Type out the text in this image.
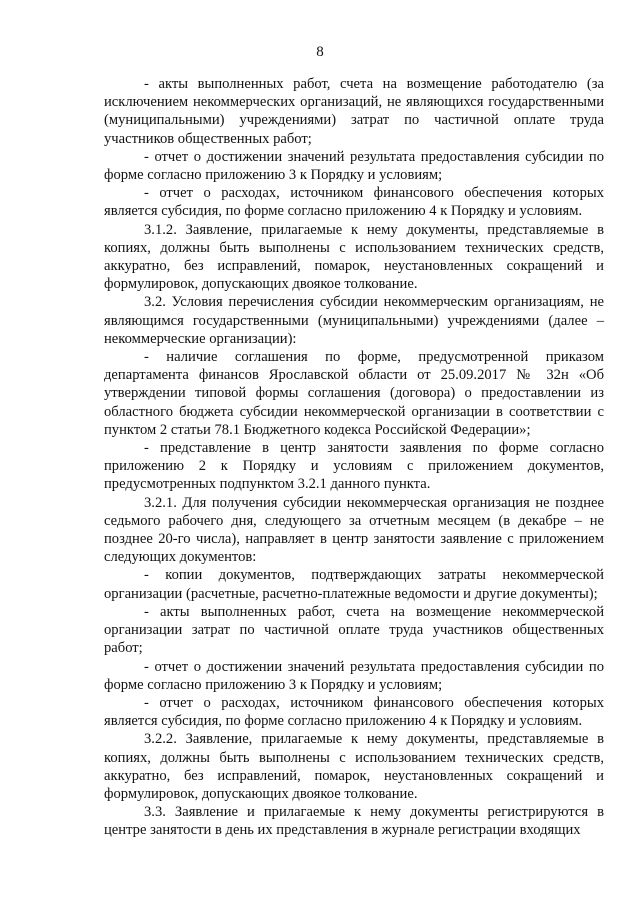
8

- акты выполненных работ, счета на возмещение работодателю (за исключением некоммерческих организаций, не являющихся государственными (муниципальными) учреждениями) затрат по частичной оплате труда участников общественных работ;

- отчет о достижении значений результата предоставления субсидии по форме согласно приложению 3 к Порядку и условиям;

- отчет о расходах, источником финансового обеспечения которых является субсидия, по форме согласно приложению 4 к Порядку и условиям.

3.1.2. Заявление, прилагаемые к нему документы, представляемые в копиях, должны быть выполнены с использованием технических средств, аккуратно, без исправлений, помарок, неустановленных сокращений и формулировок, допускающих двоякое толкование.

3.2. Условия перечисления субсидии некоммерческим организациям, не являющимся государственными (муниципальными) учреждениями (далее – некоммерческие организации):

- наличие соглашения по форме, предусмотренной приказом департамента финансов Ярославской области от 25.09.2017 № 32н «Об утверждении типовой формы соглашения (договора) о предоставлении из областного бюджета субсидии некоммерческой организации в соответствии с пунктом 2 статьи 78.1 Бюджетного кодекса Российской Федерации»;

- представление в центр занятости заявления по форме согласно приложению 2 к Порядку и условиям с приложением документов, предусмотренных подпунктом 3.2.1 данного пункта.

3.2.1. Для получения субсидии некоммерческая организация не позднее седьмого рабочего дня, следующего за отчетным месяцем (в декабре – не позднее 20-го числа), направляет в центр занятости заявление с приложением следующих документов:

- копии документов, подтверждающих затраты некоммерческой организации (расчетные, расчетно-платежные ведомости и другие документы);

- акты выполненных работ, счета на возмещение некоммерческой организации затрат по частичной оплате труда участников общественных работ;

- отчет о достижении значений результата предоставления субсидии по форме согласно приложению 3 к Порядку и условиям;

- отчет о расходах, источником финансового обеспечения которых является субсидия, по форме согласно приложению 4 к Порядку и условиям.

3.2.2. Заявление, прилагаемые к нему документы, представляемые в копиях, должны быть выполнены с использованием технических средств, аккуратно, без исправлений, помарок, неустановленных сокращений и формулировок, допускающих двоякое толкование.

3.3. Заявление и прилагаемые к нему документы регистрируются в центре занятости в день их представления в журнале регистрации входящих
